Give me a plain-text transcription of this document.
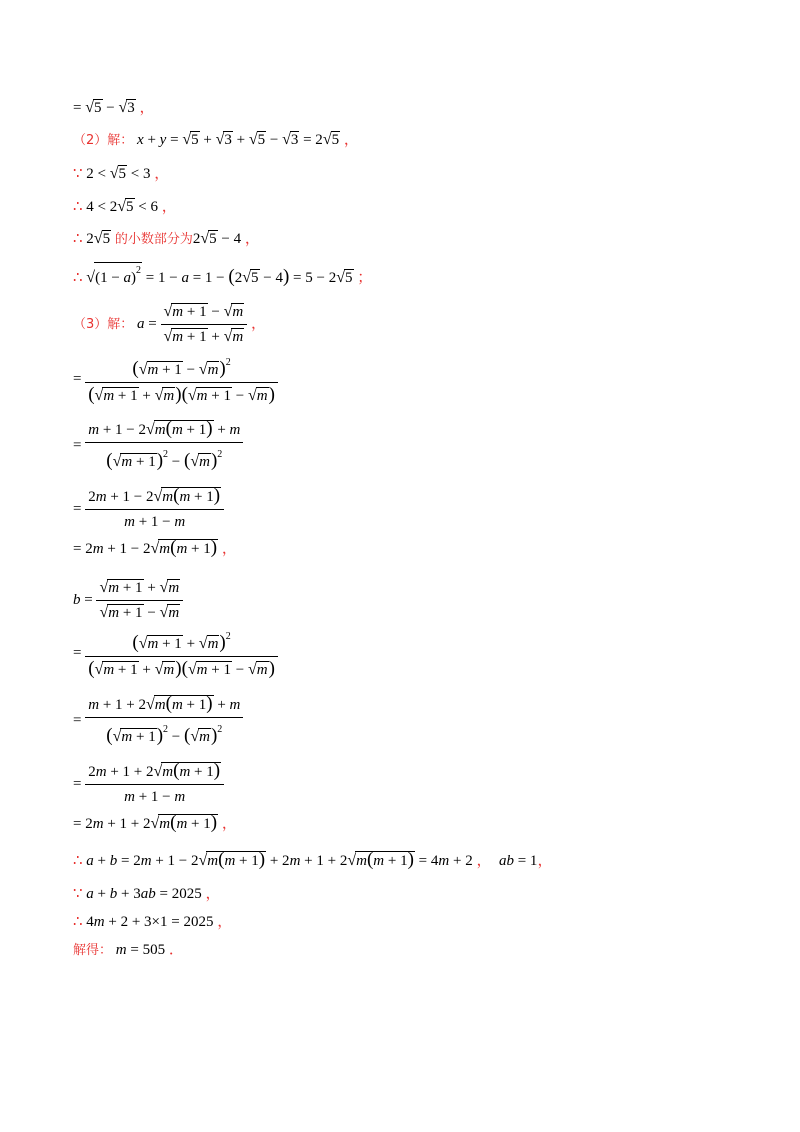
= √5 − √3 ，
（2）解： x + y = √5 + √3 + √5 − √3 = 2√5 ，
∵ 2 < √5 < 3 ，
∴ 4 < 2√5 < 6 ，
∴ 2√5 的小数部分为2√5 − 4 ，
∴ $√(1 - a)^2 = 1 - a = 1 - (2√5 - 4) = 5 - 2√5$ ；
（3）解： $a = \frac{√m + 1 - √m}{√m + 1 + √m}$ ，
= $\frac{(√m + 1 - √m)^2}{(√m + 1 + √m)(√m + 1 - √m)}$
= $\frac{m + 1 - 2√m(m + 1) + m}{(√m + 1)^2 - (√m)^2}$
= $\frac{2m + 1 - 2√m(m + 1)}{m + 1 - m}$
= 2m + 1 − 2√m(m + 1) ，
$b = \frac{√m + 1 + √m}{√m + 1 - √m}$
= $\frac{(√m + 1 + √m)^2}{(√m + 1 + √m)(√m + 1 - √m)}$
= $\frac{m + 1 + 2√m(m + 1) + m}{(√m + 1)^2 - (√m)^2}$
= $\frac{2m + 1 + 2√m(m + 1)}{m + 1 - m}$
= 2m + 1 + 2√m(m + 1) ，
∴ a + b = 2m + 1 − 2√m(m + 1) + 2m + 1 + 2√m(m + 1) = 4m + 2 ， ab = 1，
∵ a + b + 3ab = 2025 ，
∴ 4m + 2 + 3×1 = 2025 ，
解得： m = 505 ．
